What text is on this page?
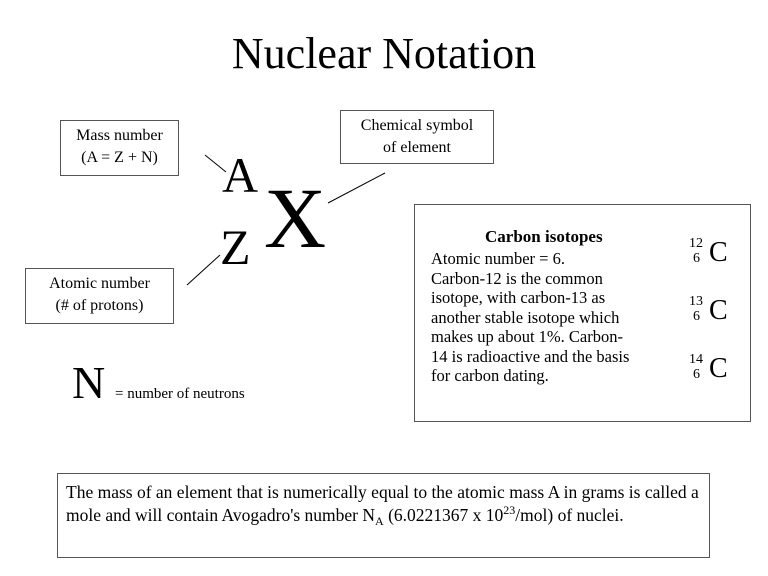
Nuclear Notation
Mass number
(A = Z + N)
Chemical symbol
of element
Atomic number
(# of protons)
A
Z X
N = number of neutrons
Carbon isotopes
Atomic number = 6.
Carbon-12 is the common
isotope, with carbon-13 as
another stable isotope which
makes up about 1%. Carbon-
14 is radioactive and the basis
for carbon dating.
12
6 C
13
6 C
14
6 C
The mass of an element that is numerically equal to the atomic mass A in grams is called a mole and will contain Avogadro's number $N_A$ (6.0221367 x $10^{23}/mol$) of nuclei.
